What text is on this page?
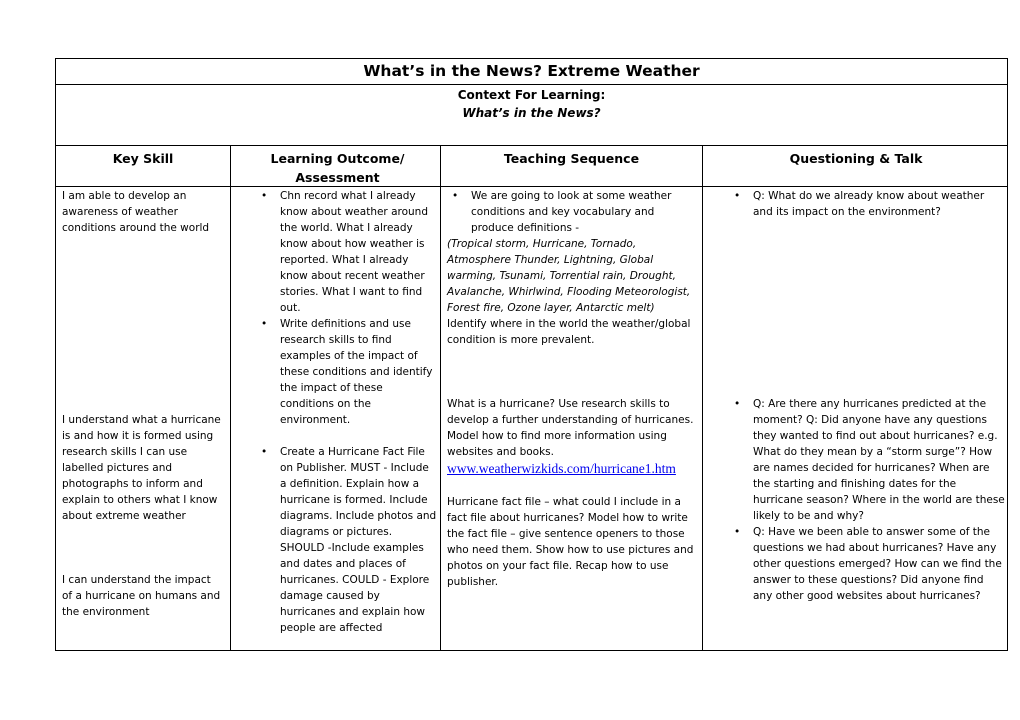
What’s in the News? Extreme Weather
Context For Learning:
What’s in the News?
Key Skill	Learning Outcome/ Assessment
Teaching Sequence	Questioning & Talk

I am able to develop an awareness of weather conditions around the world

I understand what a hurricane is and how it is formed using research skills I can use labelled pictures and photographs to inform and explain to others what I know about extreme weather

I can understand the impact of a hurricane on humans and the environment

• Chn record what I already know about weather around the world. What I already know about how weather is reported. What I already know about recent weather stories. What I want to find out.
• Write definitions and use research skills to find examples of the impact of these conditions and identify the impact of these conditions on the environment.
• Create a Hurricane Fact File on Publisher. MUST - Include a definition. Explain how a hurricane is formed. Include diagrams. Include photos and diagrams or pictures. SHOULD -Include examples and dates and places of hurricanes. COULD - Explore damage caused by hurricanes and explain how people are affected
• We are going to look at some weather conditions and key vocabulary and produce definitions -

(Tropical storm, Hurricane, Tornado, Atmosphere Thunder, Lightning, Global warming, Tsunami, Torrential rain, Drought, Avalanche, Whirlwind, Flooding Meteorologist, Forest fire, Ozone layer, Antarctic melt)

Identify where in the world the weather/global condition is more prevalent.

What is a hurricane? Use research skills to develop a further understanding of hurricanes. Model how to find more information using websites and books.

www.weatherwizkids.com/hurricane1.htm

Hurricane fact file – what could I include in a fact file about hurricanes? Model how to write the fact file – give sentence openers to those who need them. Show how to use pictures and photos on your fact file. Recap how to use publisher.

• Q: What do we already know about weather and its impact on the environment?
• Q: Are there any hurricanes predicted at the moment? Q: Did anyone have any questions they wanted to find out about hurricanes? e.g. What do they mean by a “storm surge”? How are names decided for hurricanes? When are the starting and finishing dates for the hurricane season? Where in the world are these likely to be and why?
• Q: Have we been able to answer some of the questions we had about hurricanes? Have any other questions emerged? How can we find the answer to these questions? Did anyone find any other good websites about hurricanes?
